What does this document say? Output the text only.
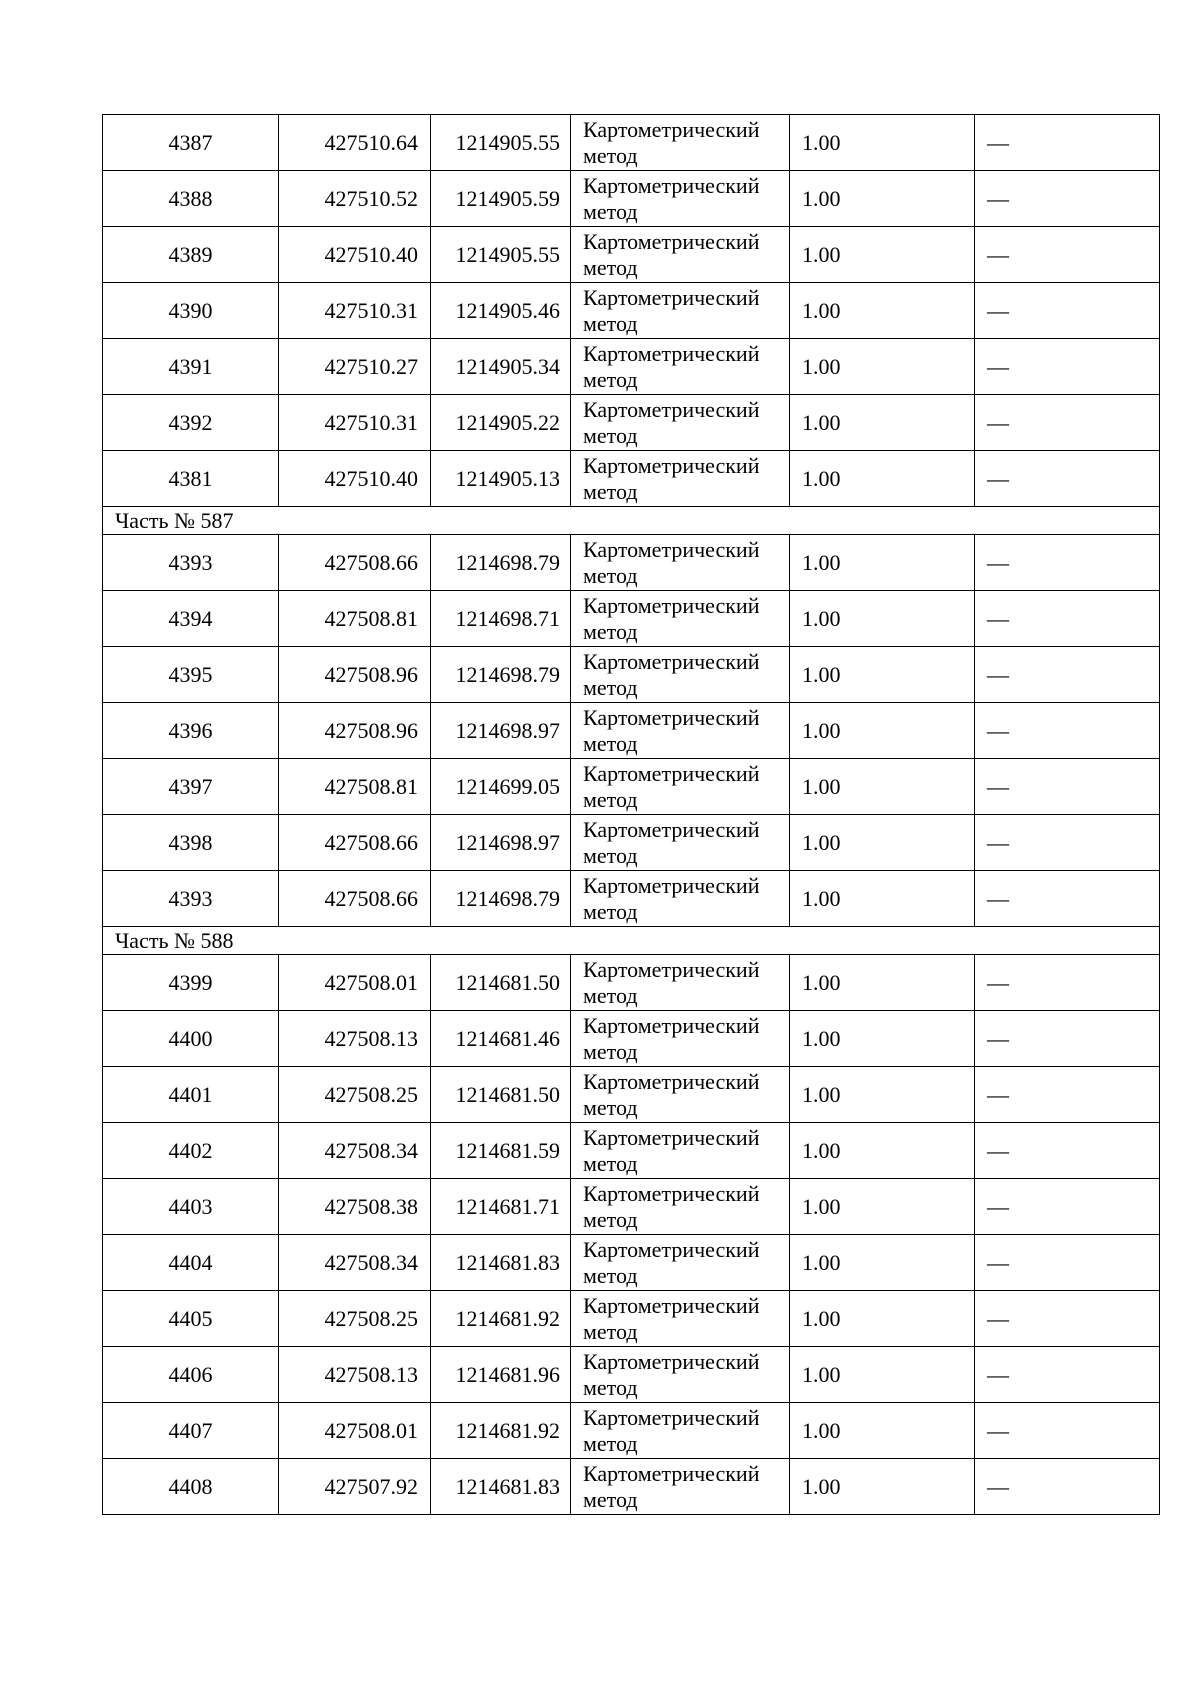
4387	427510.64	1214905.55	Картометрический
метод	1.00	—
4388	427510.52	1214905.59	Картометрический
метод	1.00	—
4389	427510.40	1214905.55	Картометрический
метод	1.00	—
4390	427510.31	1214905.46	Картометрический
метод	1.00	—
4391	427510.27	1214905.34	Картометрический
метод	1.00	—
4392	427510.31	1214905.22	Картометрический
метод	1.00	—
4381	427510.40	1214905.13	Картометрический
метод	1.00	—
Часть № 587					
4393	427508.66	1214698.79	Картометрический
метод	1.00	—
4394	427508.81	1214698.71	Картометрический
метод	1.00	—
4395	427508.96	1214698.79	Картометрический
метод	1.00	—
4396	427508.96	1214698.97	Картометрический
метод	1.00	—
4397	427508.81	1214699.05	Картометрический
метод	1.00	—
4398	427508.66	1214698.97	Картометрический
метод	1.00	—
4393	427508.66	1214698.79	Картометрический
метод	1.00	—
Часть № 588					
4399	427508.01	1214681.50	Картометрический
метод	1.00	—
4400	427508.13	1214681.46	Картометрический
метод	1.00	—
4401	427508.25	1214681.50	Картометрический
метод	1.00	—
4402	427508.34	1214681.59	Картометрический
метод	1.00	—
4403	427508.38	1214681.71	Картометрический
метод	1.00	—
4404	427508.34	1214681.83	Картометрический
метод	1.00	—
4405	427508.25	1214681.92	Картометрический
метод	1.00	—
4406	427508.13	1214681.96	Картометрический
метод	1.00	—
4407	427508.01	1214681.92	Картометрический
метод	1.00	—
4408	427507.92	1214681.83	Картометрический
метод	1.00	—
